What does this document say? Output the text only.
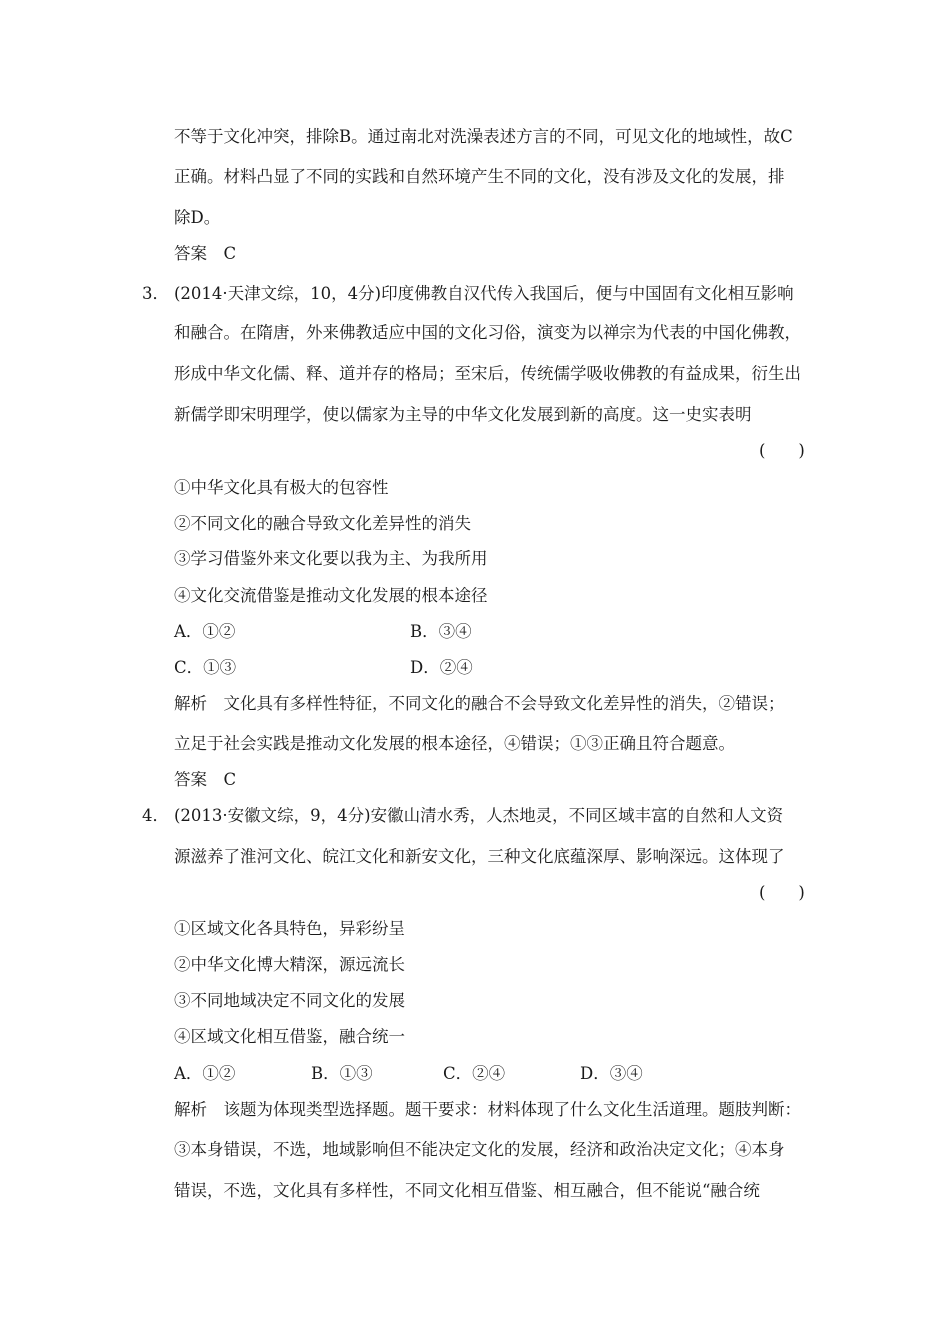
不等于文化冲突，排除B。通过南北对洗澡表述方言的不同，可见文化的地域性，故C
正确。材料凸显了不同的实践和自然环境产生不同的文化，没有涉及文化的发展，排
除D。
答案　C
3． (2014·天津文综，10，4分)印度佛教自汉代传入我国后，便与中国固有文化相互影响
和融合。在隋唐，外来佛教适应中国的文化习俗，演变为以禅宗为代表的中国化佛教，
形成中华文化儒、释、道并存的格局；至宋后，传统儒学吸收佛教的有益成果，衍生出
新儒学即宋明理学，使以儒家为主导的中华文化发展到新的高度。这一史实表明
(　　)
①中华文化具有极大的包容性
②不同文化的融合导致文化差异性的消失
③学习借鉴外来文化要以我为主、为我所用
④文化交流借鉴是推动文化发展的根本途径
A．①②	B．③④
C．①③	D．②④
解析　文化具有多样性特征，不同文化的融合不会导致文化差异性的消失，②错误；
立足于社会实践是推动文化发展的根本途径，④错误；①③正确且符合题意。
答案　C
4． (2013·安徽文综，9，4分)安徽山清水秀，人杰地灵，不同区域丰富的自然和人文资
源滋养了淮河文化、皖江文化和新安文化，三种文化底蕴深厚、影响深远。这体现了
(　　)
①区域文化各具特色，异彩纷呈
②中华文化博大精深，源远流长
③不同地域决定不同文化的发展
④区域文化相互借鉴，融合统一
A．①②	B．①③	C．②④	D．③④
解析　该题为体现类型选择题。题干要求：材料体现了什么文化生活道理。题肢判断：
③本身错误，不选，地域影响但不能决定文化的发展，经济和政治决定文化；④本身
错误，不选，文化具有多样性，不同文化相互借鉴、相互融合，但不能说“融合统
